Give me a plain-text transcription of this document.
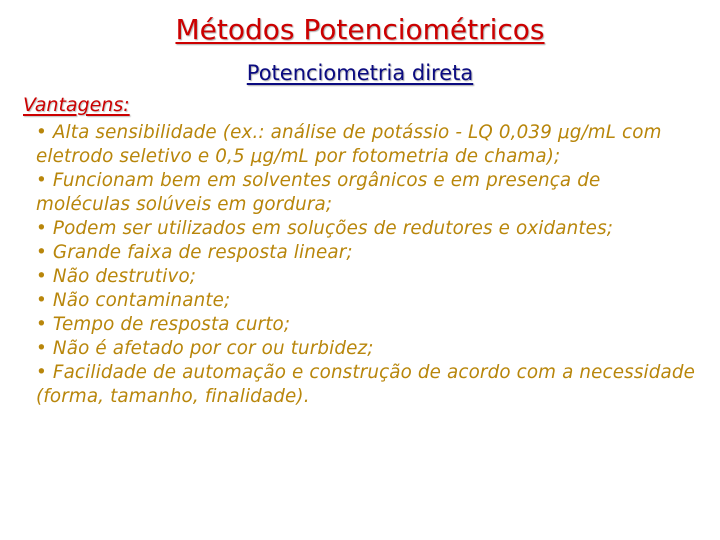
Métodos Potenciométricos
Potenciometria direta
Vantagens:
• Alta sensibilidade (ex.: análise de potássio - LQ 0,039 μg/mL com eletrodo seletivo e 0,5 μg/mL por fotometria de chama);
• Funcionam bem em solventes orgânicos e em presença de moléculas solúveis em gordura;
• Podem ser utilizados em soluções de redutores e oxidantes;
• Grande faixa de resposta linear;
• Não destrutivo;
• Não contaminante;
• Tempo de resposta curto;
• Não é afetado por cor ou turbidez;
• Facilidade de automação e construção de acordo com a necessidade (forma, tamanho, finalidade).
